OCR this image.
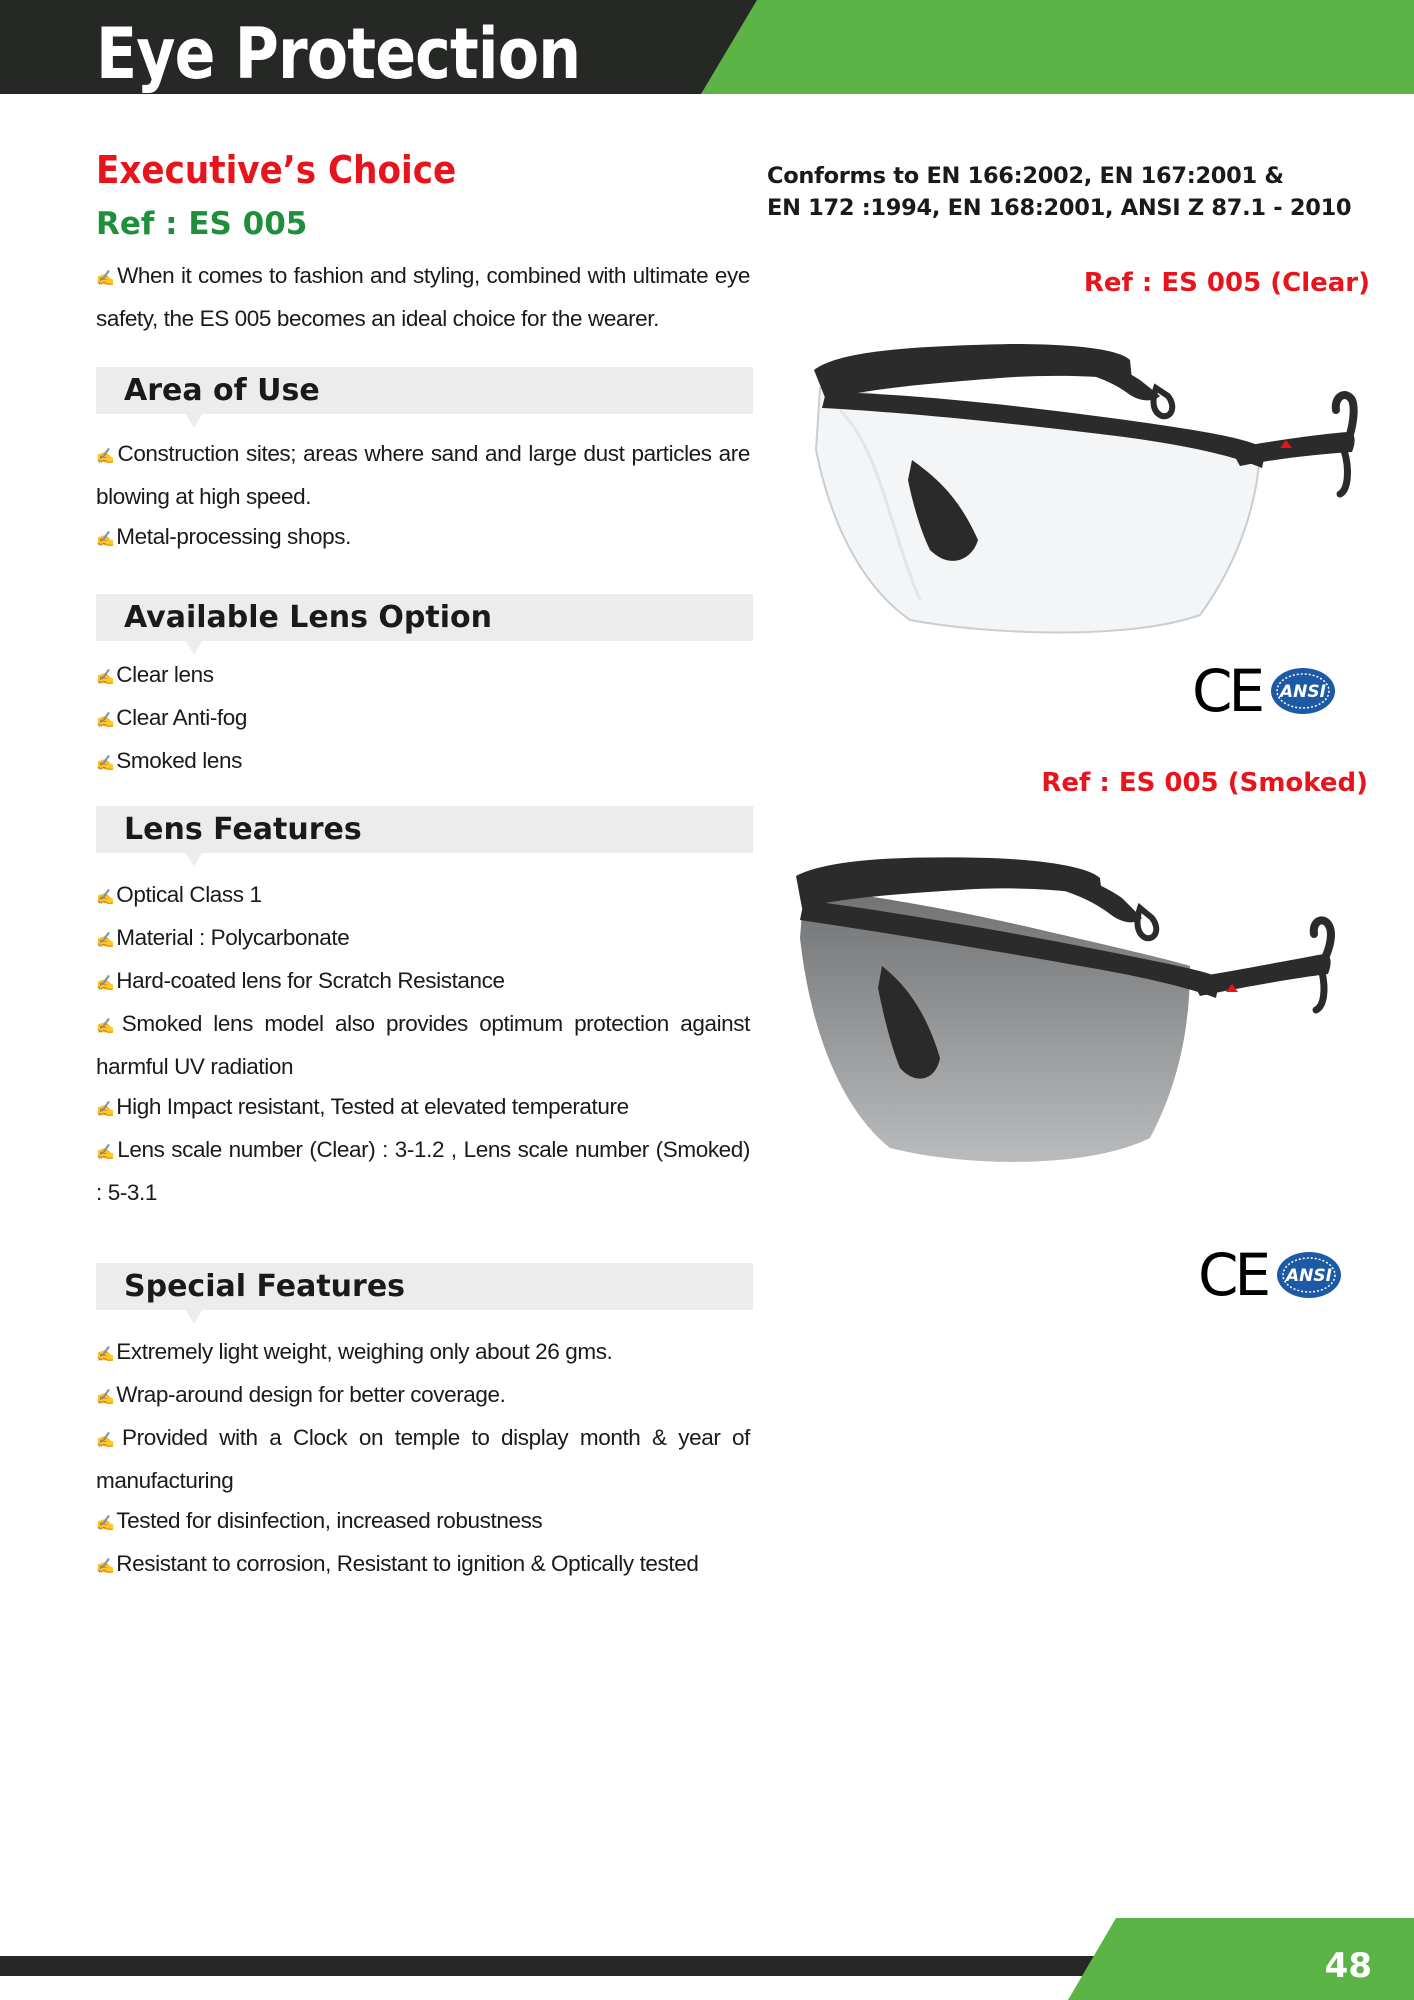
Eye Protection
Executive’s Choice
Ref : ES 005
✍When it comes to fashion and styling, combined with ultimate eye safety, the ES 005 becomes an ideal choice for the wearer.
Area of Use
✍Construction sites; areas where sand and large dust particles are blowing at high speed.
✍Metal-processing shops.
Available Lens Option
✍Clear lens
✍Clear Anti-fog
✍Smoked lens
Lens Features
✍Optical Class 1
✍Material : Polycarbonate
✍Hard-coated lens for Scratch Resistance
✍Smoked lens model also provides optimum protection against harmful UV radiation
✍High Impact resistant, Tested at elevated temperature
✍Lens scale number (Clear) : 3-1.2 , Lens scale number (Smoked) : 5-3.1
Special Features
✍Extremely light weight, weighing only about 26 gms.
✍Wrap-around design for better coverage.
✍Provided with a Clock on temple to display month & year of manufacturing
✍Tested for disinfection, increased robustness
✍Resistant to corrosion, Resistant to ignition & Optically tested
Conforms to EN 166:2002, EN 167:2001 &
EN 172 :1994, EN 168:2001, ANSI Z 87.1 - 2010
Ref : ES 005 (Clear)
CE ANSI
Ref : ES 005 (Smoked)
CE ANSI
48
